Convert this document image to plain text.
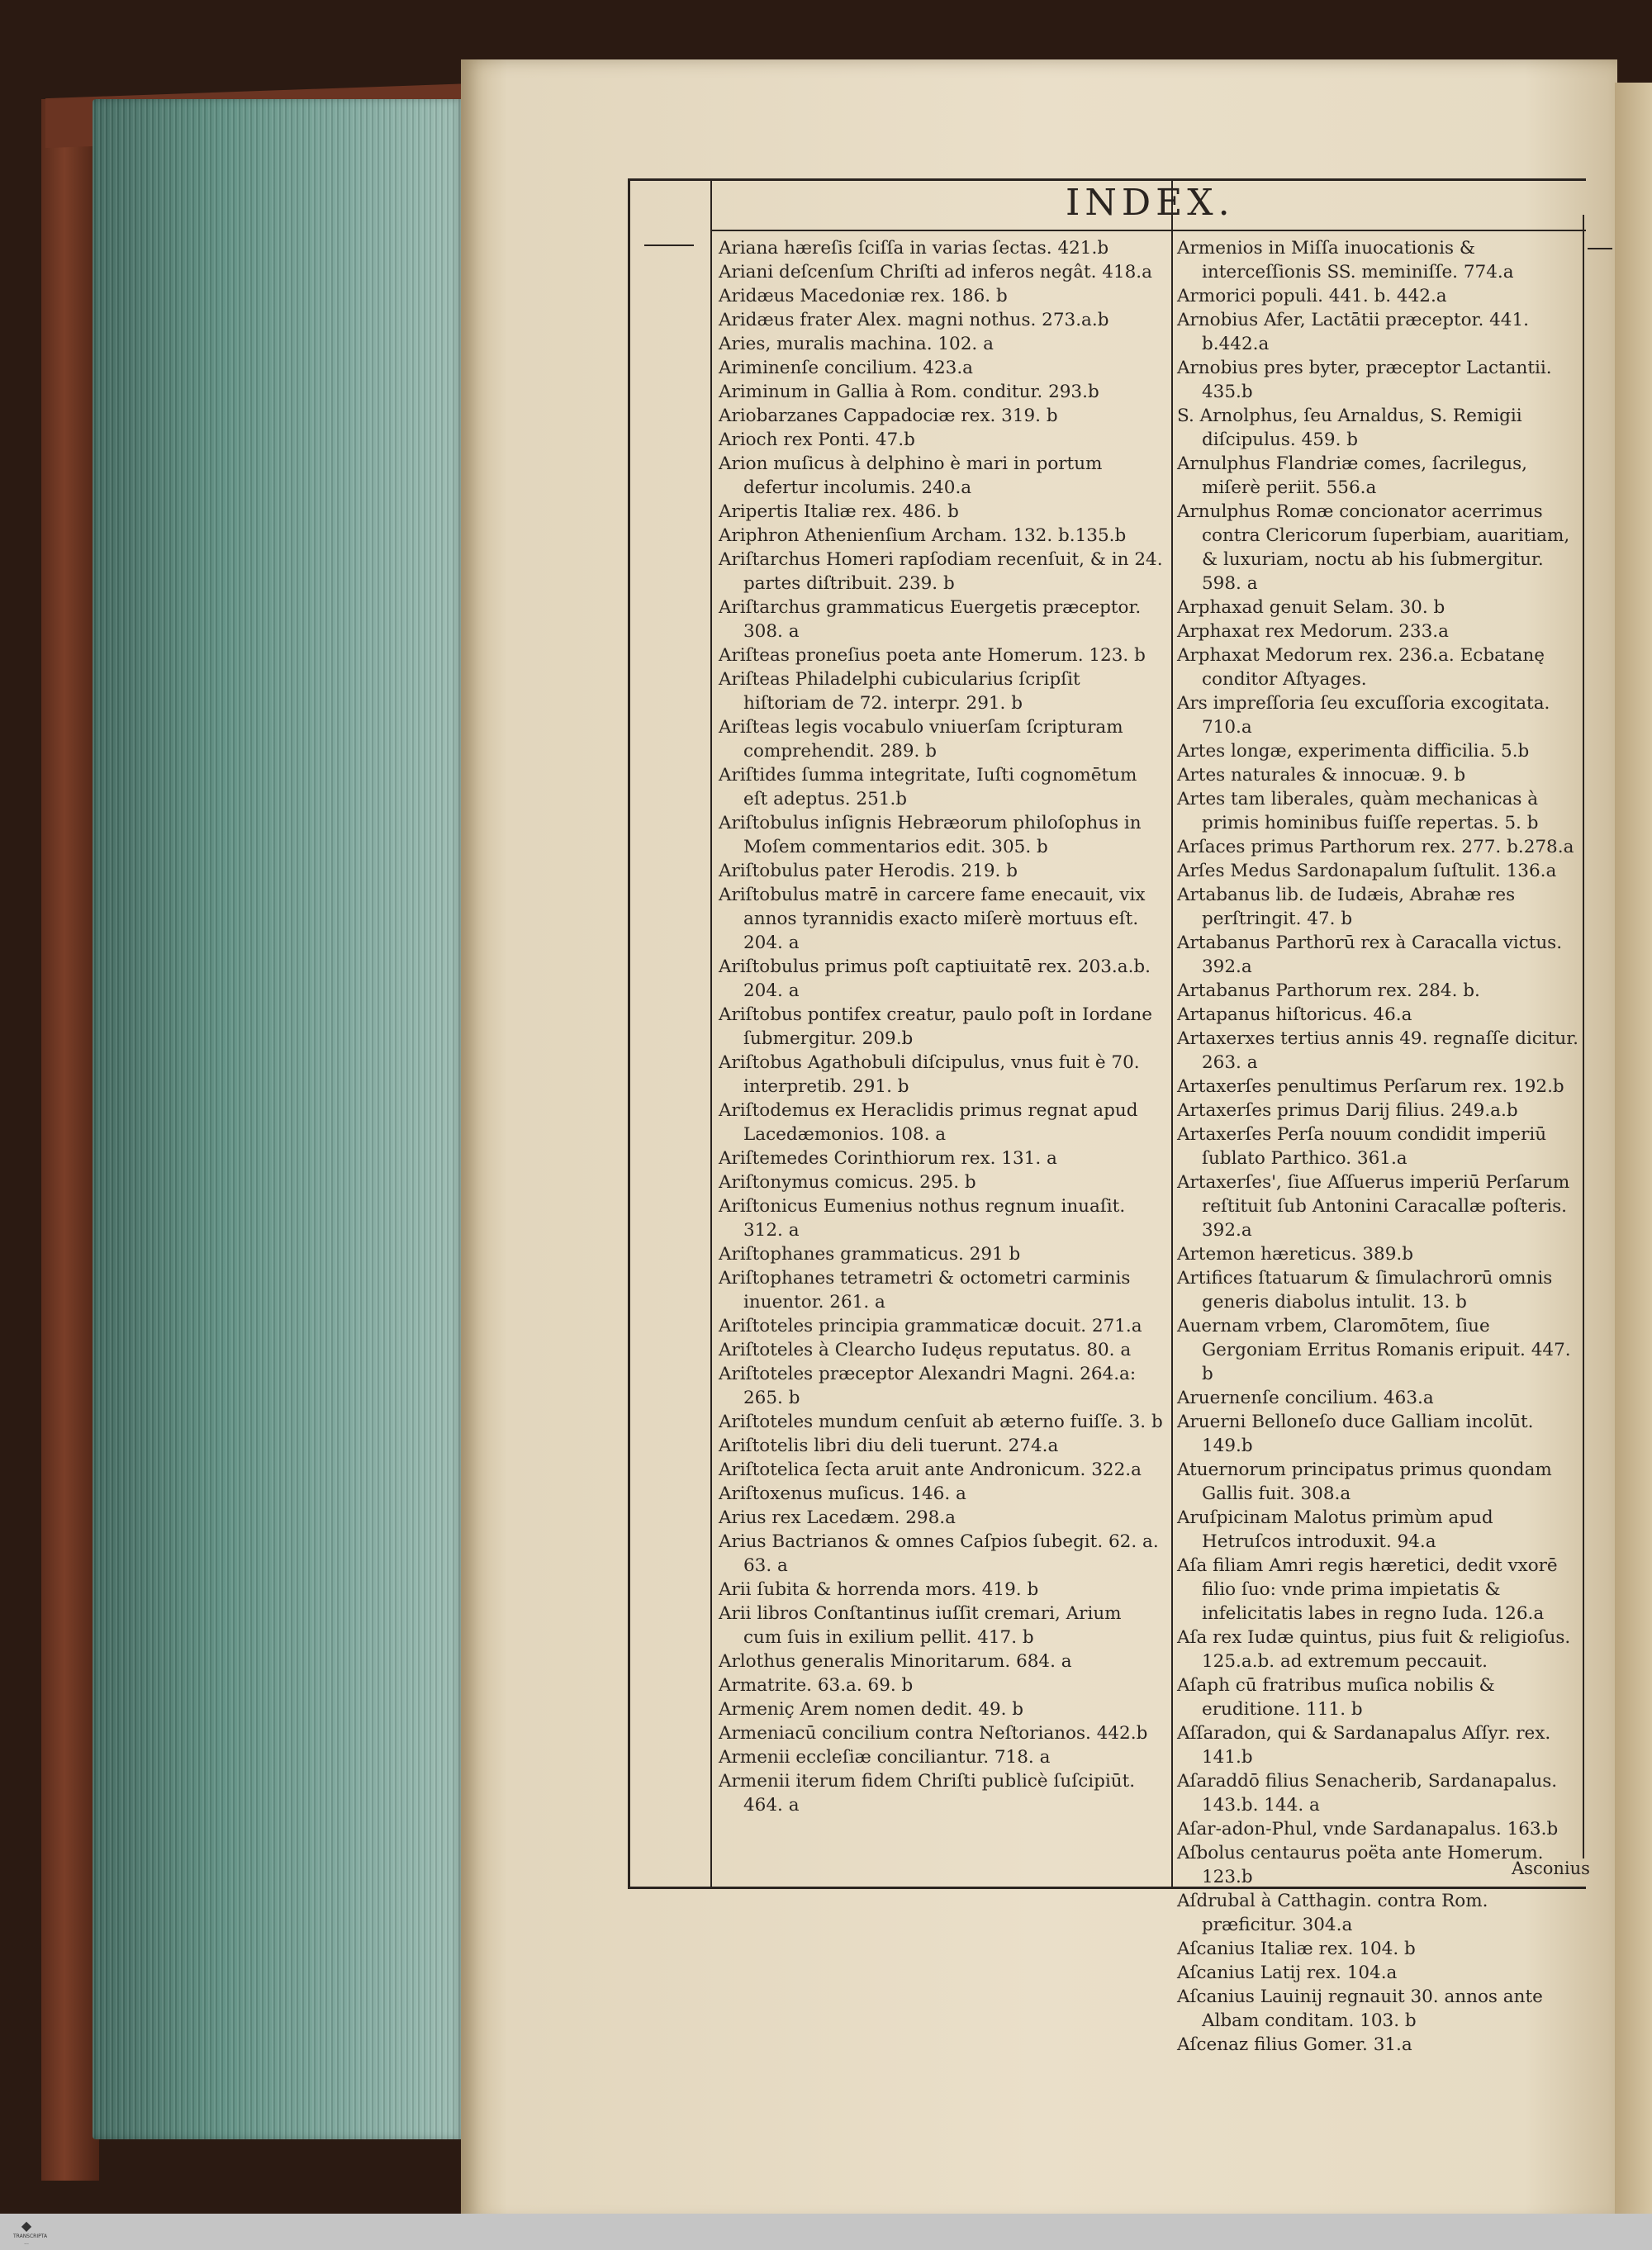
INDEX.

Ariana hæreſis ſciſſa in varias ſectas. 421.b

Ariani deſcenſum Chriſti ad inferos negât. 418.a

Aridæus Macedoniæ rex. 186. b

Aridæus frater Alex. magni nothus. 273.a.b

Aries, muralis machina. 102. a

Ariminenſe concilium. 423.a

Ariminum in Gallia à Rom. conditur. 293.b

Ariobarzanes Cappadociæ rex. 319. b

Arioch rex Ponti. 47.b

Arion muſicus à delphino è mari in portum defertur incolumis. 240.a

Aripertis Italiæ rex. 486. b

Ariphron Athenienſium Archam. 132. b.135.b

Ariſtarchus Homeri rapſodiam recenſuit, & in 24. partes diſtribuit. 239. b

Ariſtarchus grammaticus Euergetis præceptor. 308. a

Ariſteas proneſius poeta ante Homerum. 123. b

Ariſteas Philadelphi cubicularius ſcripſit hiſtoriam de 72. interpr. 291. b

Ariſteas legis vocabulo vniuerſam ſcripturam comprehendit. 289. b

Ariſtides ſumma integritate, Iuſti cognomētum eſt adeptus. 251.b

Ariſtobulus inſignis Hebræorum philoſophus in Moſem commentarios edit. 305. b

Ariſtobulus pater Herodis. 219. b

Ariſtobulus matrē in carcere fame enecauit, vix annos tyrannidis exacto miſerè mortuus eſt. 204. a

Ariſtobulus primus poſt captiuitatē rex. 203.a.b. 204. a

Ariſtobus pontifex creatur, paulo poſt in Iordane ſubmergitur. 209.b

Ariſtobus Agathobuli diſcipulus, vnus fuit è 70. interpretib. 291. b

Ariſtodemus ex Heraclidis primus regnat apud Lacedæmonios. 108. a

Ariſtemedes Corinthiorum rex. 131. a

Ariſtonymus comicus. 295. b

Ariſtonicus Eumenius nothus regnum inuaſit. 312. a

Ariſtophanes grammaticus. 291 b

Ariſtophanes tetrametri & octometri carminis inuentor. 261. a

Ariſtoteles principia grammaticæ docuit. 271.a

Ariſtoteles à Clearcho Iudęus reputatus. 80. a

Ariſtoteles præceptor Alexandri Magni. 264.a: 265. b

Ariſtoteles mundum cenſuit ab æterno fuiſſe. 3. b

Ariſtotelis libri diu deli tuerunt. 274.a

Ariſtotelica ſecta aruit ante Andronicum. 322.a

Ariſtoxenus muſicus. 146. a

Arius rex Lacedæm. 298.a

Arius Bactrianos & omnes Caſpios ſubegit. 62. a. 63. a

Arii ſubita & horrenda mors. 419. b

Arii libros Conſtantinus iuſſit cremari, Arium cum ſuis in exilium pellit. 417. b

Arlothus generalis Minoritarum. 684. a

Armatrite. 63.a. 69. b

Armeniç Arem nomen dedit. 49. b

Armeniacū concilium contra Neſtorianos. 442.b

Armenii eccleſiæ conciliantur. 718. a

Armenii iterum fidem Chriſti publicè ſuſcipiūt. 464. a

Armenios in Miſſa inuocationis & interceſſionis SS. meminiſſe. 774.a

Armorici populi. 441. b. 442.a

Arnobius Afer, Lactātii præceptor. 441. b.442.a

Arnobius pres byter, præceptor Lactantii. 435.b

S. Arnolphus, ſeu Arnaldus, S. Remigii diſcipulus. 459. b

Arnulphus Flandriæ comes, ſacrilegus, miſerè periit. 556.a

Arnulphus Romæ concionator acerrimus contra Clericorum ſuperbiam, auaritiam, & luxuriam, noctu ab his ſubmergitur. 598. a

Arphaxad genuit Selam. 30. b

Arphaxat rex Medorum. 233.a

Arphaxat Medorum rex. 236.a. Ecbatanę conditor Aſtyages.

Ars impreſſoria ſeu excuſſoria excogitata. 710.a

Artes longæ, experimenta difficilia. 5.b

Artes naturales & innocuæ. 9. b

Artes tam liberales, quàm mechanicas à primis hominibus fuiſſe repertas. 5. b

Arſaces primus Parthorum rex. 277. b.278.a

Arſes Medus Sardonapalum ſuſtulit. 136.a

Artabanus lib. de Iudæis, Abrahæ res perſtringit. 47. b

Artabanus Parthorū rex à Caracalla victus. 392.a

Artabanus Parthorum rex. 284. b.

Artapanus hiſtoricus. 46.a

Artaxerxes tertius annis 49. regnaſſe dicitur. 263. a

Artaxerſes penultimus Perſarum rex. 192.b

Artaxerſes primus Darij filius. 249.a.b

Artaxerſes Perſa nouum condidit imperiū ſublato Parthico. 361.a

Artaxerſes', ſiue Aſſuerus imperiū Perſarum reſtituit ſub Antonini Caracallæ poſteris. 392.a

Artemon hæreticus. 389.b

Artifices ſtatuarum & ſimulachrorū omnis generis diabolus intulit. 13. b

Auernam vrbem, Claromōtem, ſiue Gergoniam Erritus Romanis eripuit. 447. b

Aruernenſe concilium. 463.a

Aruerni Belloneſo duce Galliam incolūt. 149.b

Atuernorum principatus primus quondam Gallis fuit. 308.a

Aruſpicinam Malotus primùm apud Hetruſcos introduxit. 94.a

Aſa filiam Amri regis hæretici, dedit vxorē filio ſuo: vnde prima impietatis & infelicitatis labes in regno Iuda. 126.a

Aſa rex Iudæ quintus, pius fuit & religioſus. 125.a.b. ad extremum peccauit.

Aſaph cū fratribus muſica nobilis & eruditione. 111. b

Aſſaradon, qui & Sardanapalus Aſſyr. rex. 141.b

Aſaraddō filius Senacherib, Sardanapalus. 143.b. 144. a

Aſar-adon-Phul, vnde Sardanapalus. 163.b

Aſbolus centaurus poëta ante Homerum. 123.b

Aſdrubal à Catthagin. contra Rom. præficitur. 304.a

Aſcanius Italiæ rex. 104. b

Aſcanius Latij rex. 104.a

Aſcanius Lauinij regnauit 30. annos ante Albam conditam. 103. b

Aſcenaz filius Gomer. 31.a

Asconius
◆
TRANSCRIPTA ...
